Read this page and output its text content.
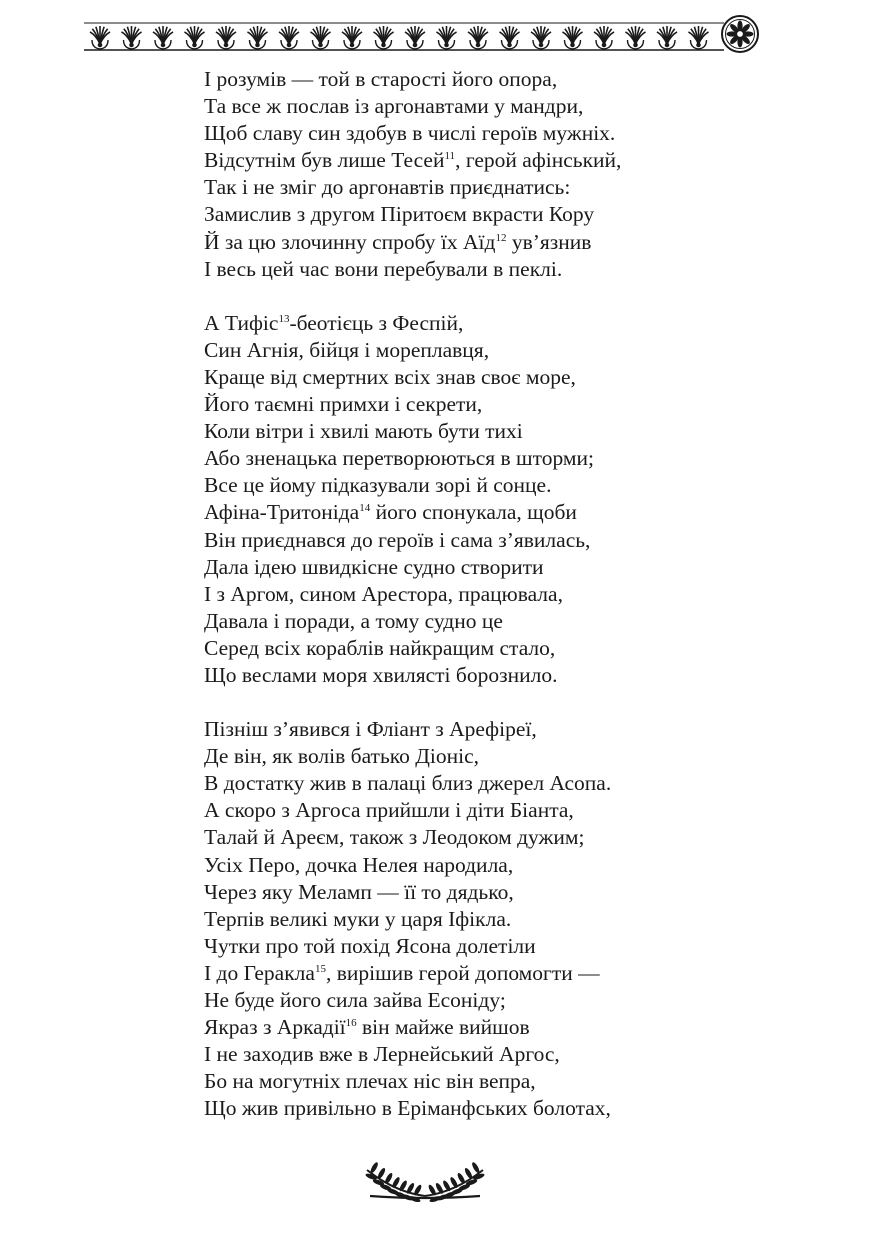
І розумів — той в старості його опора,
Та все ж послав із аргонавтами у мандри,
Щоб славу син здобув в числі героїв мужніх.
Відсутнім був лише Тесей$^{11}$, герой афінський,
Так і не зміг до аргонавтів приєднатись:
Замислив з другом Піритоєм вкрасти Кору
Й за цю злочинну спробу їх Аїд$^{12}$ ув’язнив
І весь цей час вони перебували в пеклі.
А Тифіс$^{13}$-беотієць з Феспій,
Син Агнія, бійця і мореплавця,
Краще від смертних всіх знав своє море,
Його таємні примхи і секрети,
Коли вітри і хвилі мають бути тихі
Або зненацька перетворюються в шторми;
Все це йому підказували зорі й сонце.
Афіна-Тритоніда$^{14}$ його спонукала, щоби
Він приєднався до героїв і сама з’явилась,
Дала ідею швидкісне судно створити
І з Аргом, сином Арестора, працювала,
Давала і поради, а тому судно це
Серед всіх кораблів найкращим стало,
Що веслами моря хвилясті борознило.
Пізніш з’явився і Фліант з Арефіреї,
Де він, як волів батько Діоніс,
В достатку жив в палаці близ джерел Асопа.
А скоро з Аргоса прийшли і діти Біанта,
Талай й Ареєм, також з Леодоком дужим;
Усіх Перо, дочка Нелея народила,
Через яку Меламп — її то дядько,
Терпів великі муки у царя Іфікла.
Чутки про той похід Ясона долетіли
І до Геракла$^{15}$, вирішив герой допомогти —
Не буде його сила зайва Есоніду;
Якраз з Аркадії$^{16}$ він майже вийшов
І не заходив вже в Лернейський Аргос,
Бо на могутніх плечах ніс він вепра,
Що жив привільно в Еріманфських болотах,
